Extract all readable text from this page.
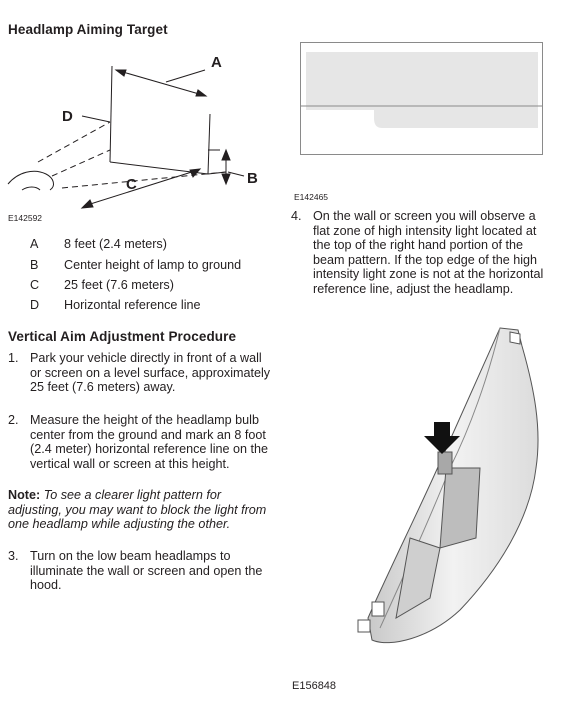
Headlamp Aiming Target
A
D
B
C
E142592
A	8 feet (2.4 meters)
B	Center height of lamp to ground
C	25 feet (7.6 meters)
D	Horizontal reference line
Vertical Aim Adjustment Procedure
1. Park your vehicle directly in front of a wall or screen on a level surface, approximately 25 feet (7.6 meters) away.
2. Measure the height of the headlamp bulb center from the ground and mark an 8 foot (2.4 meter) horizontal reference line on the vertical wall or screen at this height.
Note: To see a clearer light pattern for adjusting, you may want to block the light from one headlamp while adjusting the other.
3. Turn on the low beam headlamps to illuminate the wall or screen and open the hood.
E142465
4. On the wall or screen you will observe a flat zone of high intensity light located at the top of the right hand portion of the beam pattern. If the top edge of the high intensity light zone is not at the horizontal reference line, adjust the headlamp.
E156848
